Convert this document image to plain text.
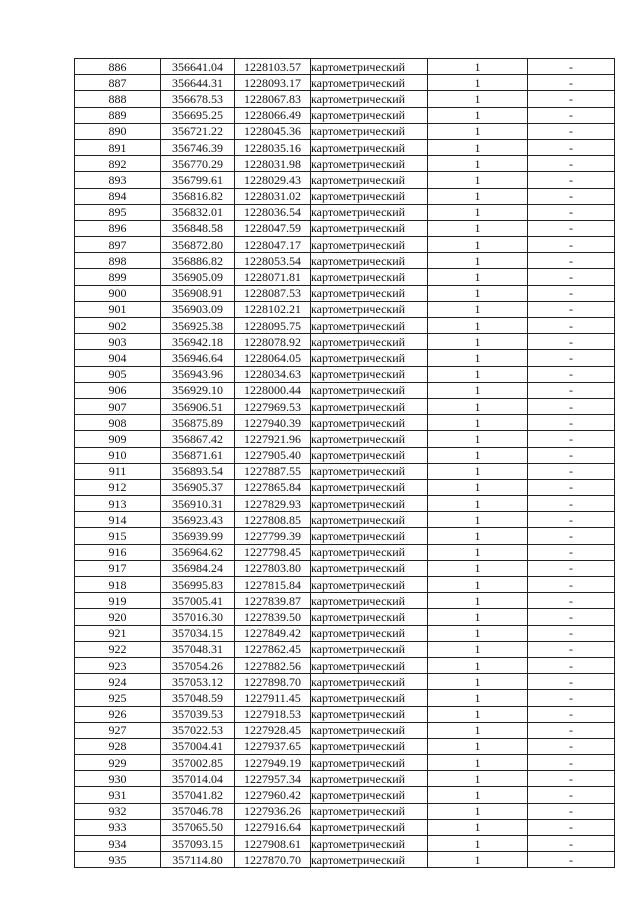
886	356641.04	1228103.57	картометрический	1	-
887	356644.31	1228093.17	картометрический	1	-
888	356678.53	1228067.83	картометрический	1	-
889	356695.25	1228066.49	картометрический	1	-
890	356721.22	1228045.36	картометрический	1	-
891	356746.39	1228035.16	картометрический	1	-
892	356770.29	1228031.98	картометрический	1	-
893	356799.61	1228029.43	картометрический	1	-
894	356816.82	1228031.02	картометрический	1	-
895	356832.01	1228036.54	картометрический	1	-
896	356848.58	1228047.59	картометрический	1	-
897	356872.80	1228047.17	картометрический	1	-
898	356886.82	1228053.54	картометрический	1	-
899	356905.09	1228071.81	картометрический	1	-
900	356908.91	1228087.53	картометрический	1	-
901	356903.09	1228102.21	картометрический	1	-
902	356925.38	1228095.75	картометрический	1	-
903	356942.18	1228078.92	картометрический	1	-
904	356946.64	1228064.05	картометрический	1	-
905	356943.96	1228034.63	картометрический	1	-
906	356929.10	1228000.44	картометрический	1	-
907	356906.51	1227969.53	картометрический	1	-
908	356875.89	1227940.39	картометрический	1	-
909	356867.42	1227921.96	картометрический	1	-
910	356871.61	1227905.40	картометрический	1	-
911	356893.54	1227887.55	картометрический	1	-
912	356905.37	1227865.84	картометрический	1	-
913	356910.31	1227829.93	картометрический	1	-
914	356923.43	1227808.85	картометрический	1	-
915	356939.99	1227799.39	картометрический	1	-
916	356964.62	1227798.45	картометрический	1	-
917	356984.24	1227803.80	картометрический	1	-
918	356995.83	1227815.84	картометрический	1	-
919	357005.41	1227839.87	картометрический	1	-
920	357016.30	1227839.50	картометрический	1	-
921	357034.15	1227849.42	картометрический	1	-
922	357048.31	1227862.45	картометрический	1	-
923	357054.26	1227882.56	картометрический	1	-
924	357053.12	1227898.70	картометрический	1	-
925	357048.59	1227911.45	картометрический	1	-
926	357039.53	1227918.53	картометрический	1	-
927	357022.53	1227928.45	картометрический	1	-
928	357004.41	1227937.65	картометрический	1	-
929	357002.85	1227949.19	картометрический	1	-
930	357014.04	1227957.34	картометрический	1	-
931	357041.82	1227960.42	картометрический	1	-
932	357046.78	1227936.26	картометрический	1	-
933	357065.50	1227916.64	картометрический	1	-
934	357093.15	1227908.61	картометрический	1	-
935	357114.80	1227870.70	картометрический	1	-
